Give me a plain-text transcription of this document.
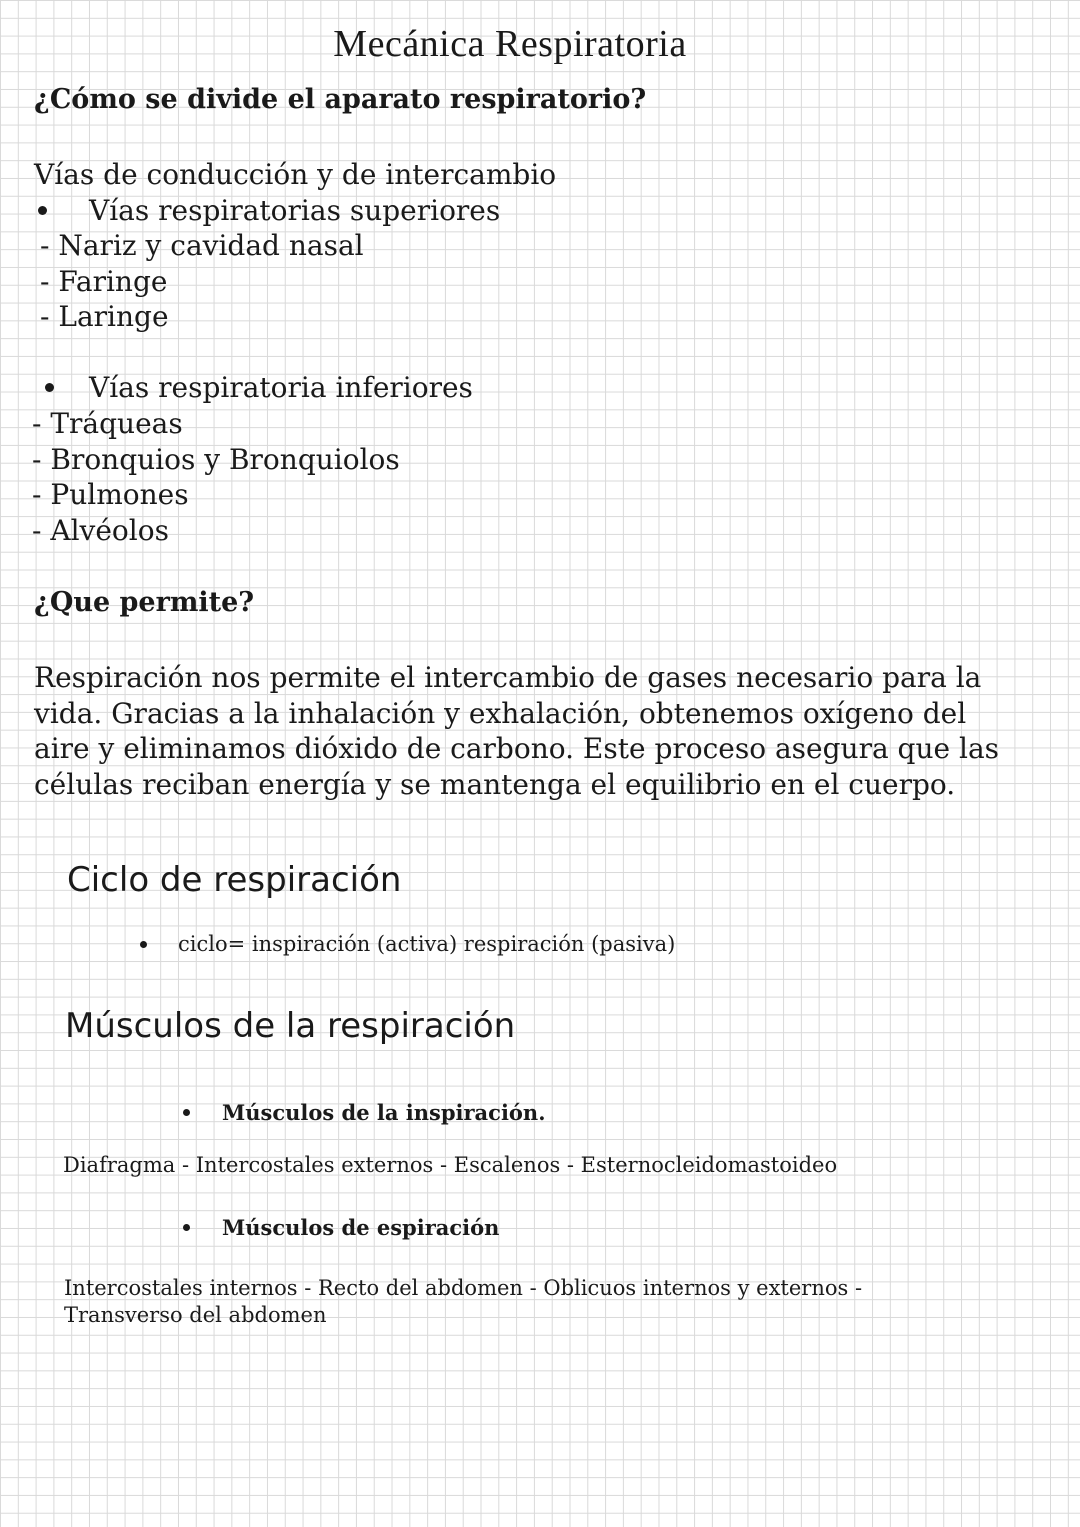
Mecánica Respiratoria
¿Cómo se divide el aparato respiratorio?
Vías de conducción y de intercambio
Vías respiratorias superiores
- Nariz y cavidad nasal
- Faringe
- Laringe
Vías respiratoria inferiores
- Tráqueas
- Bronquios y Bronquiolos
- Pulmones
- Alvéolos
¿Que permite?
Respiración nos permite el intercambio de gases necesario para la
vida. Gracias a la inhalación y exhalación, obtenemos oxígeno del
aire y eliminamos dióxido de carbono. Este proceso asegura que las
células reciban energía y se mantenga el equilibrio en el cuerpo.
Ciclo de respiración
ciclo= inspiración (activa) respiración (pasiva)
Músculos de la respiración
Músculos de la inspiración.
Diafragma - Intercostales externos - Escalenos - Esternocleidomastoideo
Músculos de espiración
Intercostales internos - Recto del abdomen - Oblicuos internos y externos -
Transverso del abdomen
